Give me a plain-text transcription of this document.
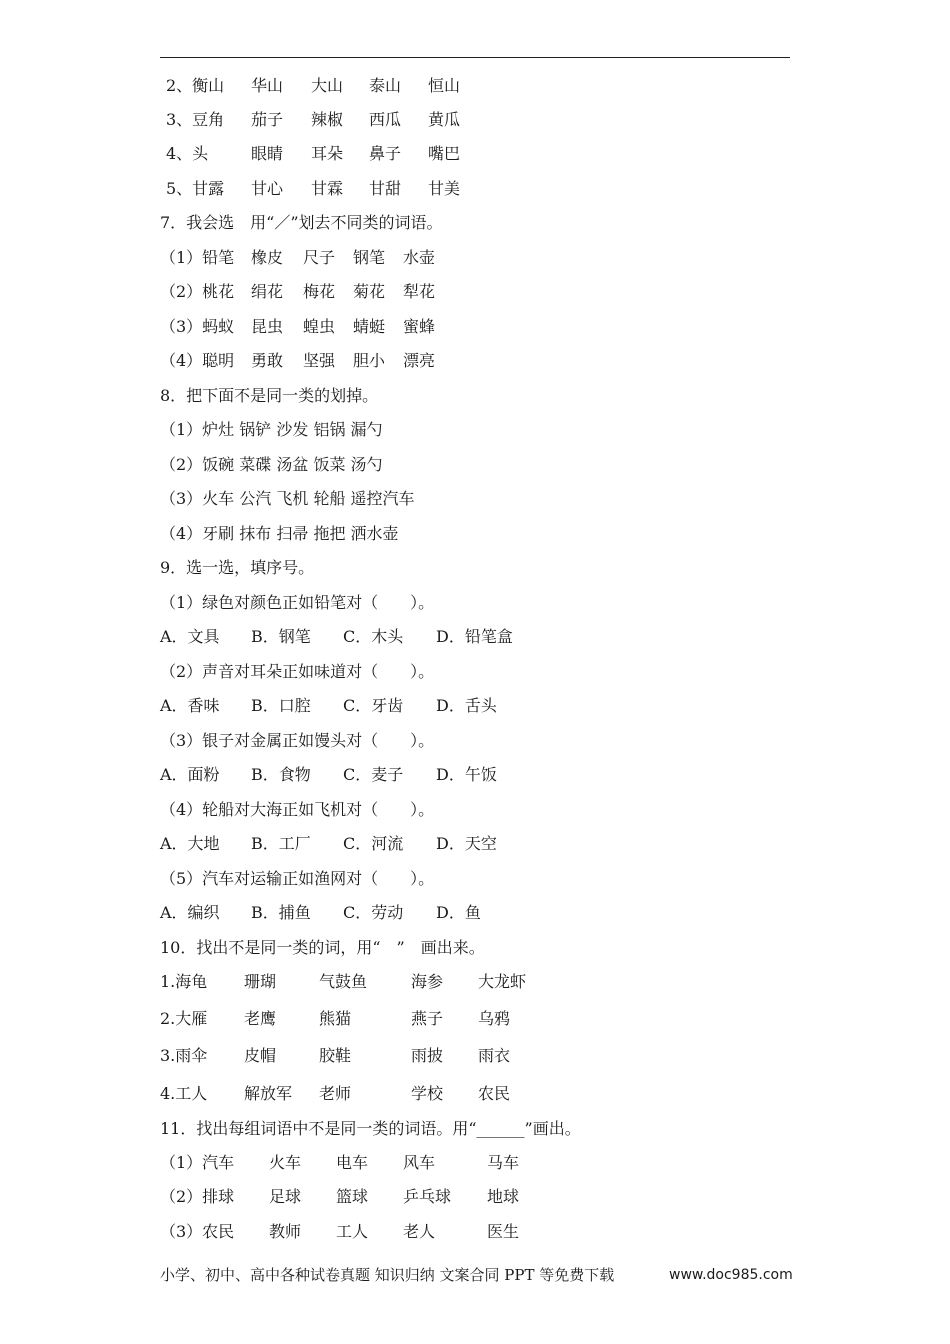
2、衡山 华山 大山 泰山 恒山
3、豆角 茄子 辣椒 西瓜 黄瓜
4、头	眼睛 耳朵 鼻子 嘴巴
5、甘露 甘心 甘霖 甘甜 甘美
7．我会选　用“／”划去不同类的词语。
（1）铅笔 橡皮 尺子 钢笔 水壶
（2）桃花 绢花 梅花 菊花 犁花
（3）蚂蚁 昆虫 蝗虫 蜻蜓 蜜蜂
（4）聪明 勇敢 坚强 胆小 漂亮
8．把下面不是同一类的划掉。
（1）炉灶 锅铲 沙发 铝锅 漏勺
（2）饭碗 菜碟 汤盆 饭菜 汤勺
（3）火车 公汽 飞机 轮船 遥控汽车
（4）牙刷 抹布 扫帚 拖把 洒水壶
9．选一选，填序号。
（1）绿色对颜色正如铅笔对（　　）。
A．文具 B．钢笔 C．木头 D．铅笔盒
（2）声音对耳朵正如味道对（　　）。
A．香味 B．口腔 C．牙齿 D．舌头
（3）银子对金属正如馒头对（　　）。
A．面粉 B．食物 C．麦子 D．午饭
（4）轮船对大海正如飞机对（　　）。
A．大地 B．工厂 C．河流 D．天空
（5）汽车对运输正如渔网对（　　）。
A．编织 B．捕鱼 C．劳动 D．鱼
10．找出不是同一类的词，用“　”　画出来。
1.海龟 珊瑚	气鼓鱼	海参 大龙虾
2.大雁 老鹰	熊猫	燕子 乌鸦
3.雨伞 皮帽	胶鞋	雨披 雨衣
4.工人 解放军 老师	学校 农民
11．找出每组词语中不是同一类的词语。用“______”画出。
（1）汽车 火车 电车 风车	马车
（2）排球 足球 篮球 乒乓球 地球
（3）农民 教师 工人 老人	医生
小学、初中、高中各种试卷真题 知识归纳 文案合同 PPT 等免费下载	www.doc985.com
